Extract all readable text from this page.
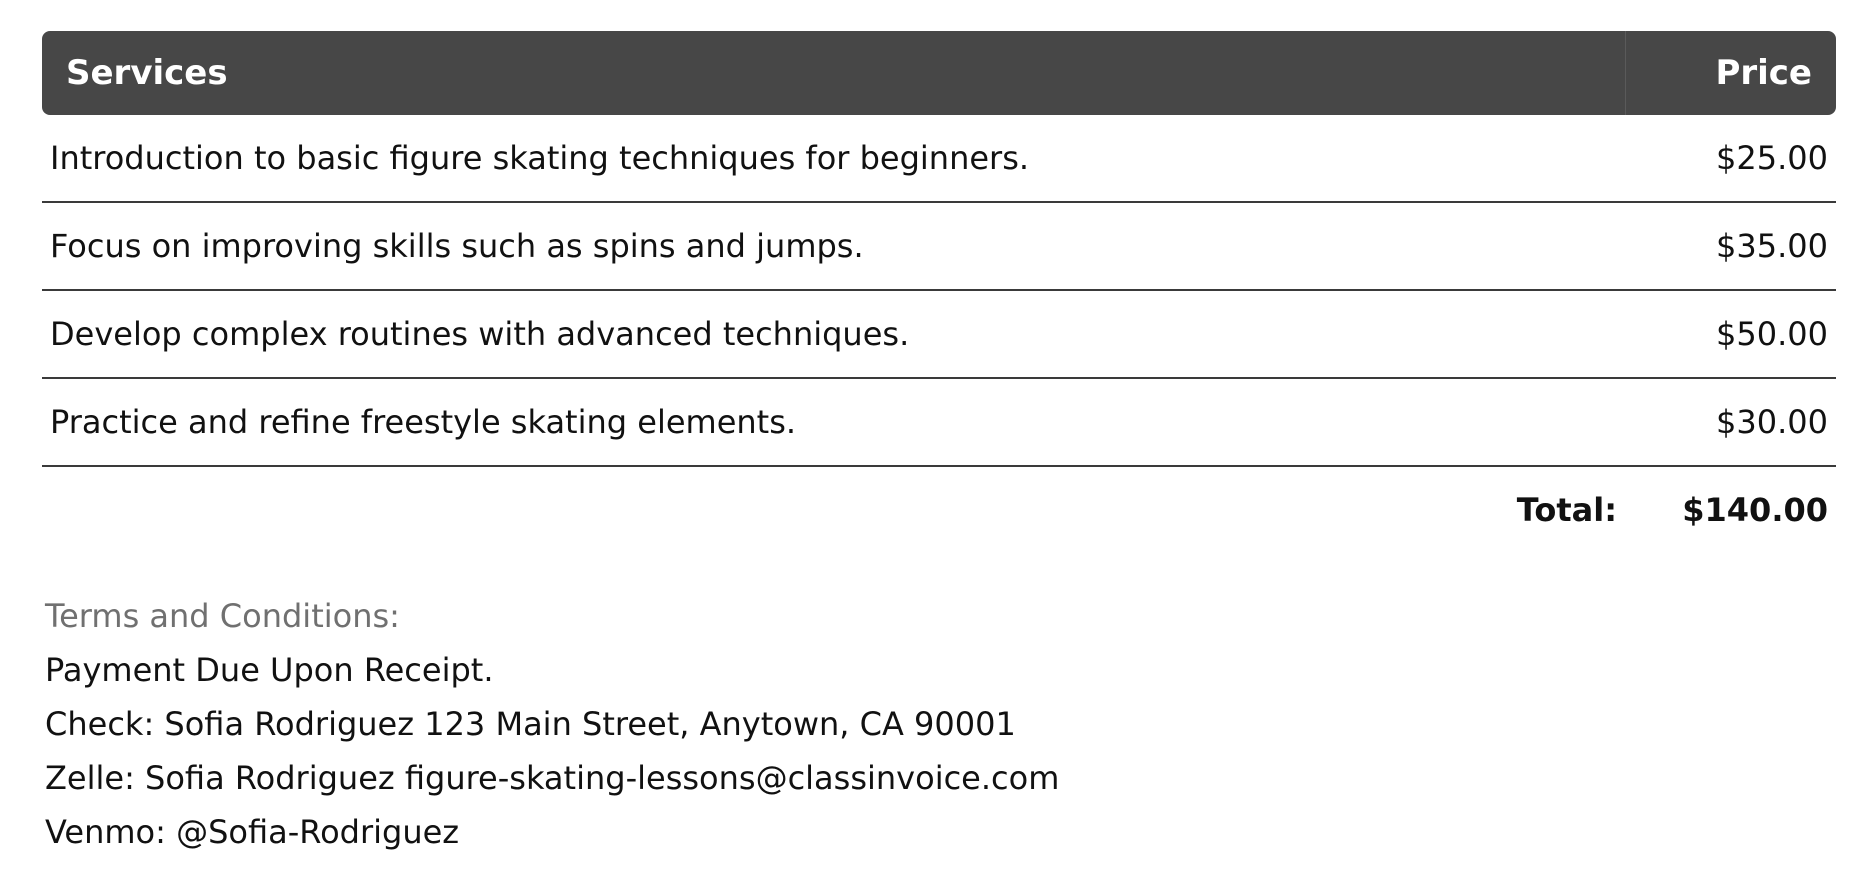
Services	Price
Introduction to basic figure skating techniques for beginners.	$25.00
Focus on improving skills such as spins and jumps.	$35.00
Develop complex routines with advanced techniques.	$50.00
Practice and refine freestyle skating elements.	$30.00
Total:	$140.00
Terms and Conditions:
Payment Due Upon Receipt.
Check: Sofia Rodriguez 123 Main Street, Anytown, CA 90001
Zelle: Sofia Rodriguez figure-skating-lessons@classinvoice.com
Venmo: @Sofia-Rodriguez
